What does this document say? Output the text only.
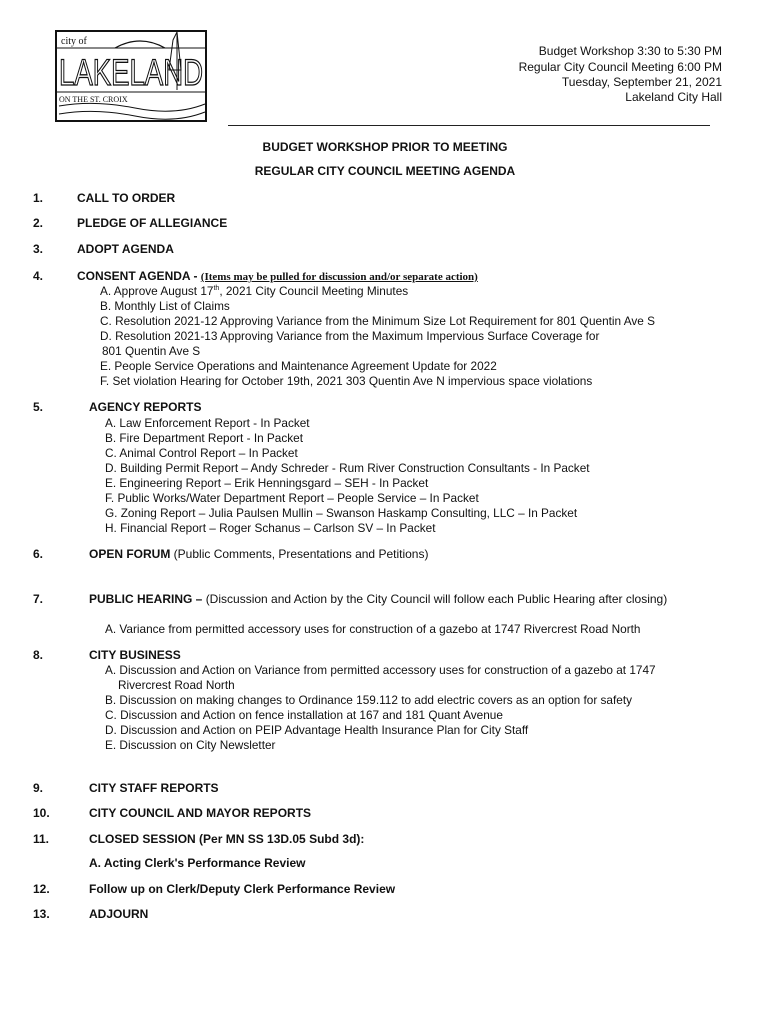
city of
LAKELAND
ON THE ST. CROIX
Budget Workshop 3:30 to 5:30 PM
Regular City Council Meeting 6:00 PM
Tuesday, September 21, 2021
Lakeland City Hall
BUDGET WORKSHOP PRIOR TO MEETING
REGULAR CITY COUNCIL MEETING AGENDA
1.	CALL TO ORDER
2.	PLEDGE OF ALLEGIANCE
3.	ADOPT AGENDA
4.	CONSENT AGENDA - (Items may be pulled for discussion and/or separate action)
A. Approve August 17th, 2021 City Council Meeting Minutes
B. Monthly List of Claims
C. Resolution 2021-12 Approving Variance from the Minimum Size Lot Requirement for 801 Quentin Ave S
D. Resolution 2021-13 Approving Variance from the Maximum Impervious Surface Coverage for
801 Quentin Ave S
E. People Service Operations and Maintenance Agreement Update for 2022
F. Set violation Hearing for October 19th, 2021 303 Quentin Ave N impervious space violations
5.	AGENCY REPORTS
A. Law Enforcement Report - In Packet
B. Fire Department Report - In Packet
C. Animal Control Report – In Packet
D. Building Permit Report – Andy Schreder - Rum River Construction Consultants - In Packet
E. Engineering Report – Erik Henningsgard – SEH - In Packet
F. Public Works/Water Department Report – People Service – In Packet
G. Zoning Report – Julia Paulsen Mullin – Swanson Haskamp Consulting, LLC – In Packet
H. Financial Report – Roger Schanus – Carlson SV – In Packet
6.	OPEN FORUM (Public Comments, Presentations and Petitions)
7.	PUBLIC HEARING – (Discussion and Action by the City Council will follow each Public Hearing after closing)
A. Variance from permitted accessory uses for construction of a gazebo at 1747 Rivercrest Road North
8.	CITY BUSINESS
A. Discussion and Action on Variance from permitted accessory uses for construction of a gazebo at 1747
Rivercrest Road North
B. Discussion on making changes to Ordinance 159.112 to add electric covers as an option for safety
C. Discussion and Action on fence installation at 167 and 181 Quant Avenue
D. Discussion and Action on PEIP Advantage Health Insurance Plan for City Staff
E. Discussion on City Newsletter
9.	CITY STAFF REPORTS
10.	CITY COUNCIL AND MAYOR REPORTS
11.	CLOSED SESSION (Per MN SS 13D.05 Subd 3d):
A. Acting Clerk's Performance Review
12.	Follow up on Clerk/Deputy Clerk Performance Review
13.	ADJOURN
